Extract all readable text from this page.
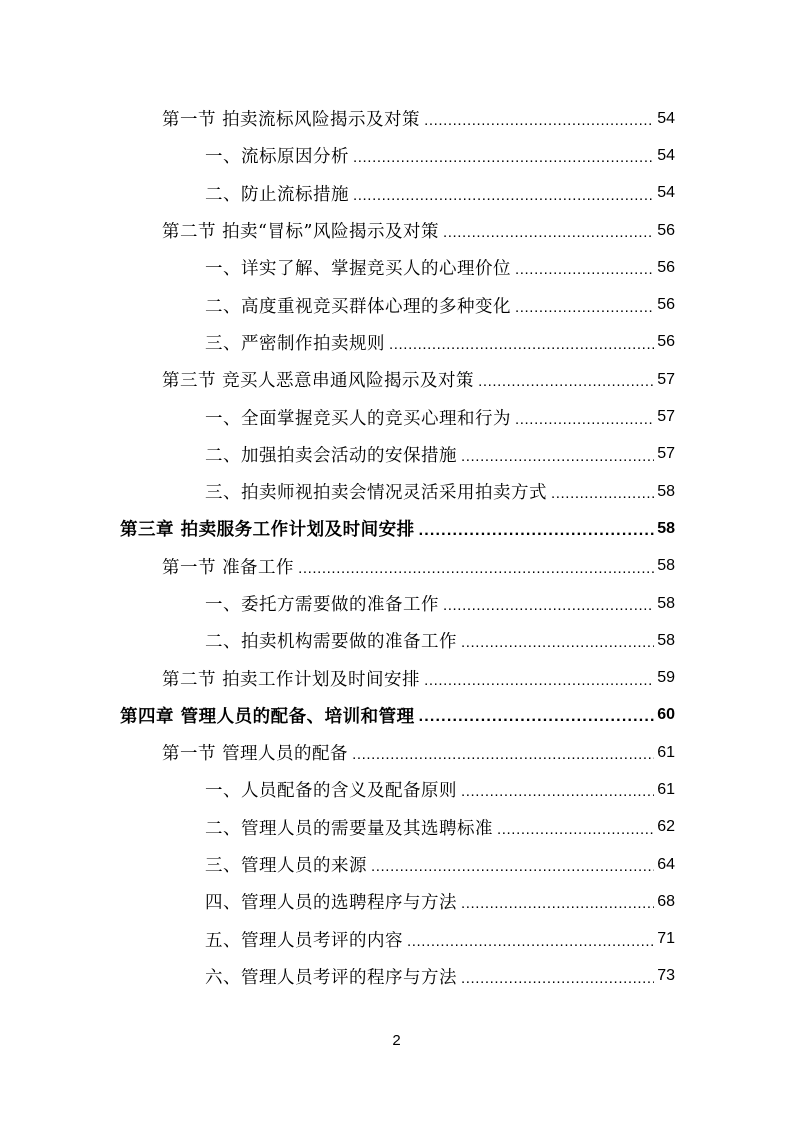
第一节 拍卖流标风险揭示及对策 .....	54
一、流标原因分析 .....	54
二、防止流标措施 .....	54
第二节 拍卖“冒标”风险揭示及对策 .....	56
一、详实了解、掌握竞买人的心理价位 .....	56
二、高度重视竞买群体心理的多种变化 .....	56
三、严密制作拍卖规则 .....	56
第三节 竞买人恶意串通风险揭示及对策 .....	57
一、全面掌握竞买人的竞买心理和行为 .....	57
二、加强拍卖会活动的安保措施 .....	57
三、拍卖师视拍卖会情况灵活采用拍卖方式 .....	58
第三章 拍卖服务工作计划及时间安排 .....	58
第一节 准备工作 .....	58
一、委托方需要做的准备工作 .....	58
二、拍卖机构需要做的准备工作 .....	58
第二节 拍卖工作计划及时间安排 .....	59
第四章 管理人员的配备、培训和管理 .....	60
第一节 管理人员的配备 .....	61
一、人员配备的含义及配备原则 .....	61
二、管理人员的需要量及其选聘标准 .....	62
三、管理人员的来源 .....	64
四、管理人员的选聘程序与方法 .....	68
五、管理人员考评的内容 .....	71
六、管理人员考评的程序与方法 .....	73
2
